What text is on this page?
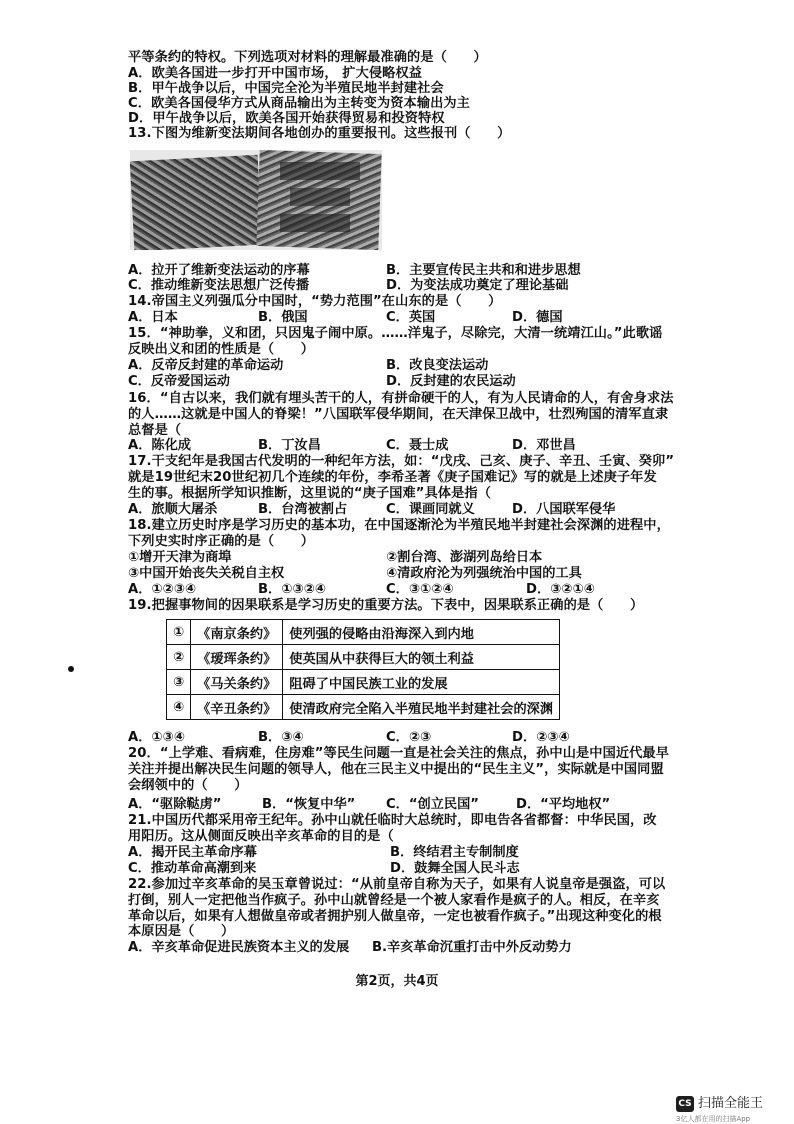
平等条约的特权。下列选项对材料的理解最准确的是（　　）
A．欧美各国进一步打开中国市场， 扩大侵略权益
B．甲午战争以后，中国完全沦为半殖民地半封建社会
C．欧美各国侵华方式从商品输出为主转变为资本输出为主
D．甲午战争以后，欧美各国开始获得贸易和投资特权
13.下图为维新变法期间各地创办的重要报刊。这些报刊（　　）
A．拉开了维新变法运动的序幕	B．主要宣传民主共和和进步思想
C．推动维新变法思想广泛传播	D．为变法成功奠定了理论基础
14.帝国主义列强瓜分中国时，“势力范围”在山东的是（　　）
A．日本	B．俄国	C．英国	D．德国
15．“神助拳，义和团，只因鬼子闹中原。……洋鬼子，尽除完，大清一统靖江山。”此歌谣
反映出义和团的性质是（　　）
A．反帝反封建的革命运动	B．改良变法运动
C．反帝爱国运动	D．反封建的农民运动
16．“自古以来，我们就有埋头苦干的人，有拼命硬干的人，有为人民请命的人，有舍身求法
的人……这就是中国人的脊梁！”八国联军侵华期间，在天津保卫战中，壮烈殉国的清军直隶
总督是（
A．陈化成	B．丁汝昌	C．聂士成	D．邓世昌
17.干支纪年是我国古代发明的一种纪年方法，如：“戊戌、己亥、庚子、辛丑、壬寅、癸卯”
就是19世纪末20世纪初几个连续的年份，李希圣著《庚子国难记》写的就是上述庚子年发
生的事。根据所学知识推断，这里说的“庚子国难”具体是指（
A．旅顺大屠杀	B．台湾被割占	C．课画同就义	D．八国联军侵华
18.建立历史时序是学习历史的基本功，在中国逐渐沦为半殖民地半封建社会深渊的进程中，
下列史实时序正确的是（　　）
①增开天津为商埠	②割台湾、澎湖列岛给日本
③中国开始丧失关税自主权	④清政府沦为列强统治中国的工具
A．①②③④	B．①③②④	C．③①②④	D．③②①④
19.把握事物间的因果联系是学习历史的重要方法。下表中，因果联系正确的是（　　）
①	《南京条约》	使列强的侵略由沿海深入到内地
②	《瑷珲条约》	使英国从中获得巨大的领土利益
③	《马关条约》	阻碍了中国民族工业的发展
④	《辛丑条约》	使清政府完全陷入半殖民地半封建社会的深渊
A．①③④	B．③④	C．②③	D．②③④
20．“上学难、看病难，住房难”等民生问题一直是社会关注的焦点，孙中山是中国近代最早
关注并提出解决民生问题的领导人，他在三民主义中提出的“民生主义”，实际就是中国同盟
会纲领中的（　　）
A．“驱除鞑虏”	B．“恢复中华” C．“创立民国”	D．“平均地权”
21.中国历代都采用帝王纪年。孙中山就任临时大总统时，即电告各省都督：中华民国，改
用阳历。这从侧面反映出辛亥革命的目的是（
A．揭开民主革命序幕	B．终结君主专制制度
C．推动革命高潮到来	D．鼓舞全国人民斗志
22.参加过辛亥革命的吴玉章曾说过：“从前皇帝自称为天子，如果有人说皇帝是强盗，可以
打倒，别人一定把他当作疯子。孙中山就曾经是一个被人家看作是疯子的人。相反，在辛亥
革命以后，如果有人想做皇帝或者拥护别人做皇帝，一定也被看作疯子。”出现这种变化的根
本原因是（　　）
A．辛亥革命促进民族资本主义的发展 B.辛亥革命沉重打击中外反动势力
第2页，共4页
CS 扫描全能王
3亿人都在用的扫描App
